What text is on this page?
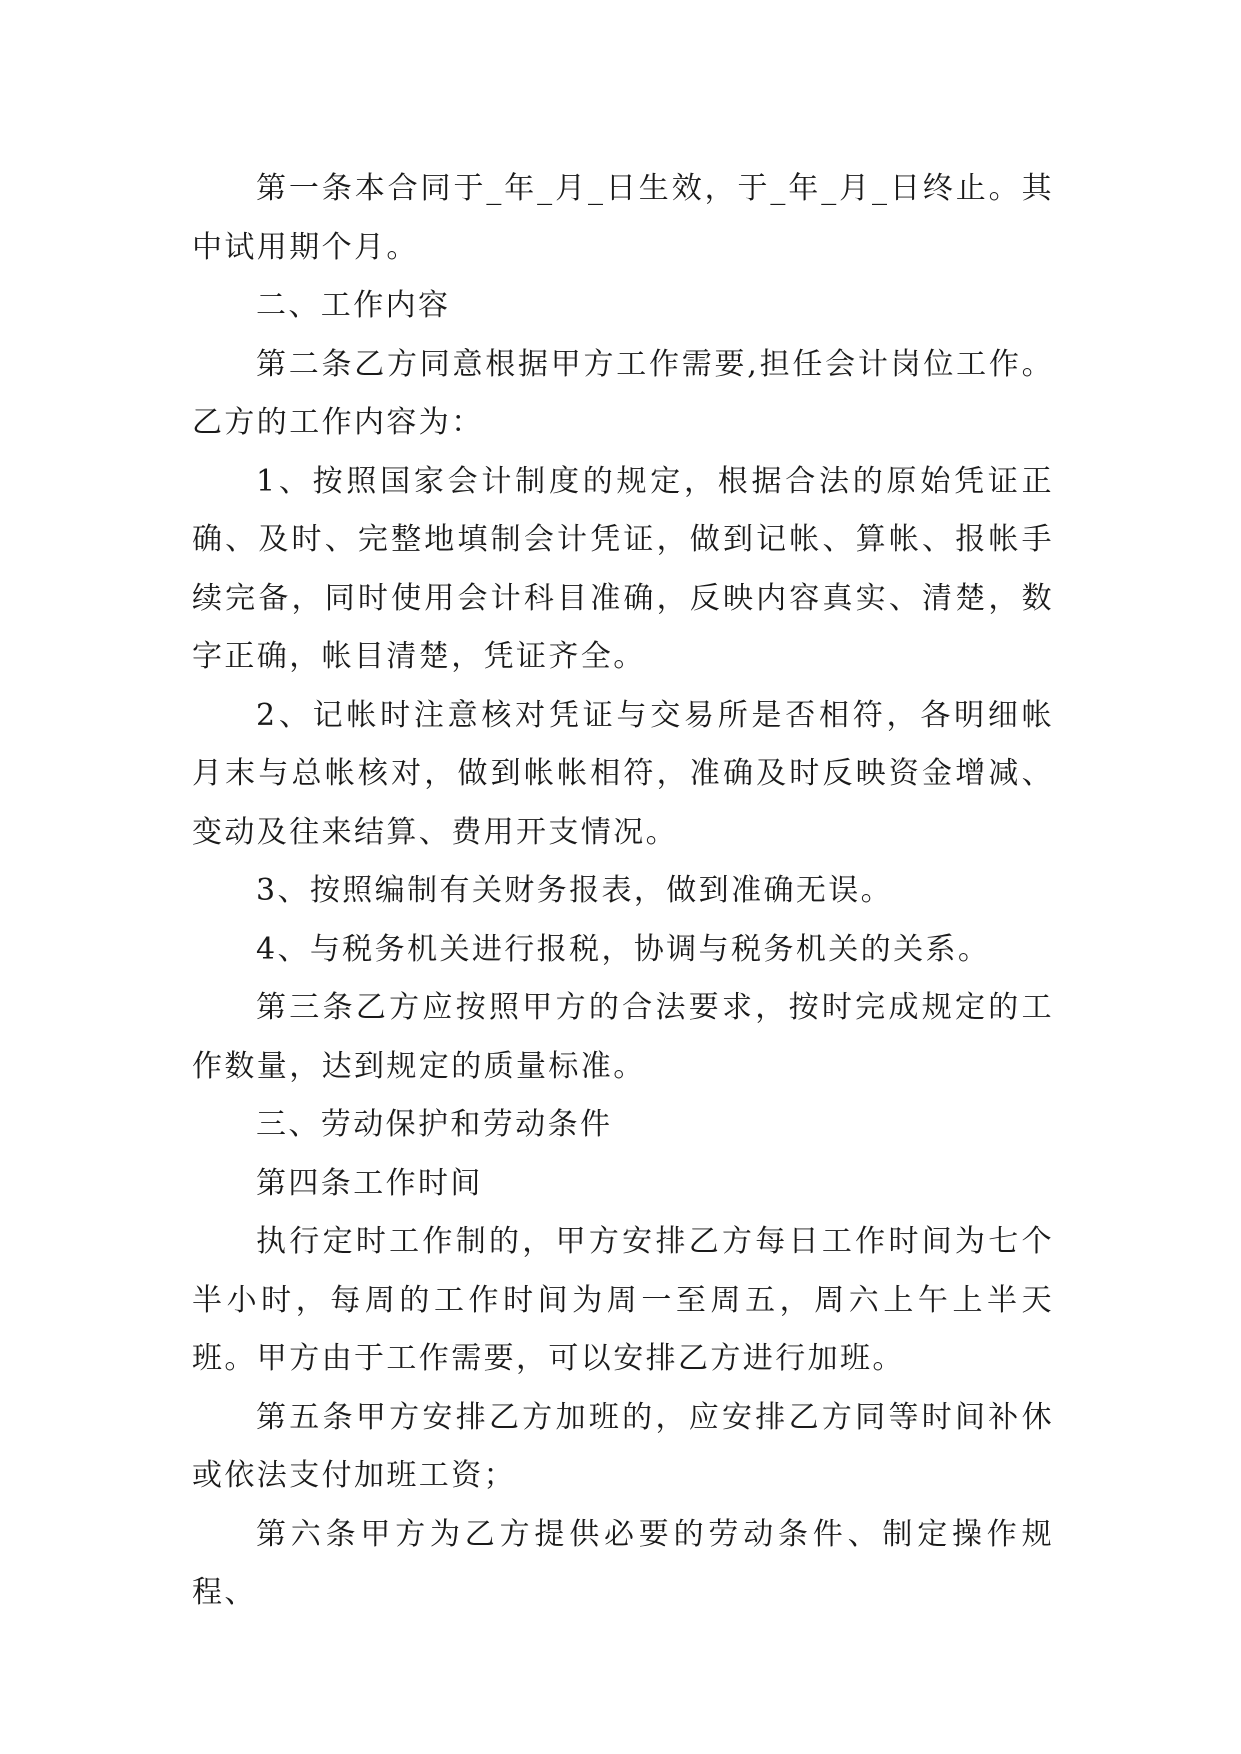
第一条本合同于_年_月_日生效，于_年_月_日终止。其中试用期个月。

二、工作内容

第二条乙方同意根据甲方工作需要,担任会计岗位工作。乙方的工作内容为：

1、按照国家会计制度的规定，根据合法的原始凭证正确、及时、完整地填制会计凭证，做到记帐、算帐、报帐手续完备，同时使用会计科目准确，反映内容真实、清楚，数字正确，帐目清楚，凭证齐全。

2、记帐时注意核对凭证与交易所是否相符，各明细帐月末与总帐核对，做到帐帐相符，准确及时反映资金增减、变动及往来结算、费用开支情况。

3、按照编制有关财务报表，做到准确无误。

4、与税务机关进行报税，协调与税务机关的关系。

第三条乙方应按照甲方的合法要求，按时完成规定的工作数量，达到规定的质量标准。

三、劳动保护和劳动条件

第四条工作时间

执行定时工作制的，甲方安排乙方每日工作时间为七个半小时，每周的工作时间为周一至周五，周六上午上半天班。甲方由于工作需要，可以安排乙方进行加班。

第五条甲方安排乙方加班的，应安排乙方同等时间补休或依法支付加班工资；

第六条甲方为乙方提供必要的劳动条件、制定操作规程、
